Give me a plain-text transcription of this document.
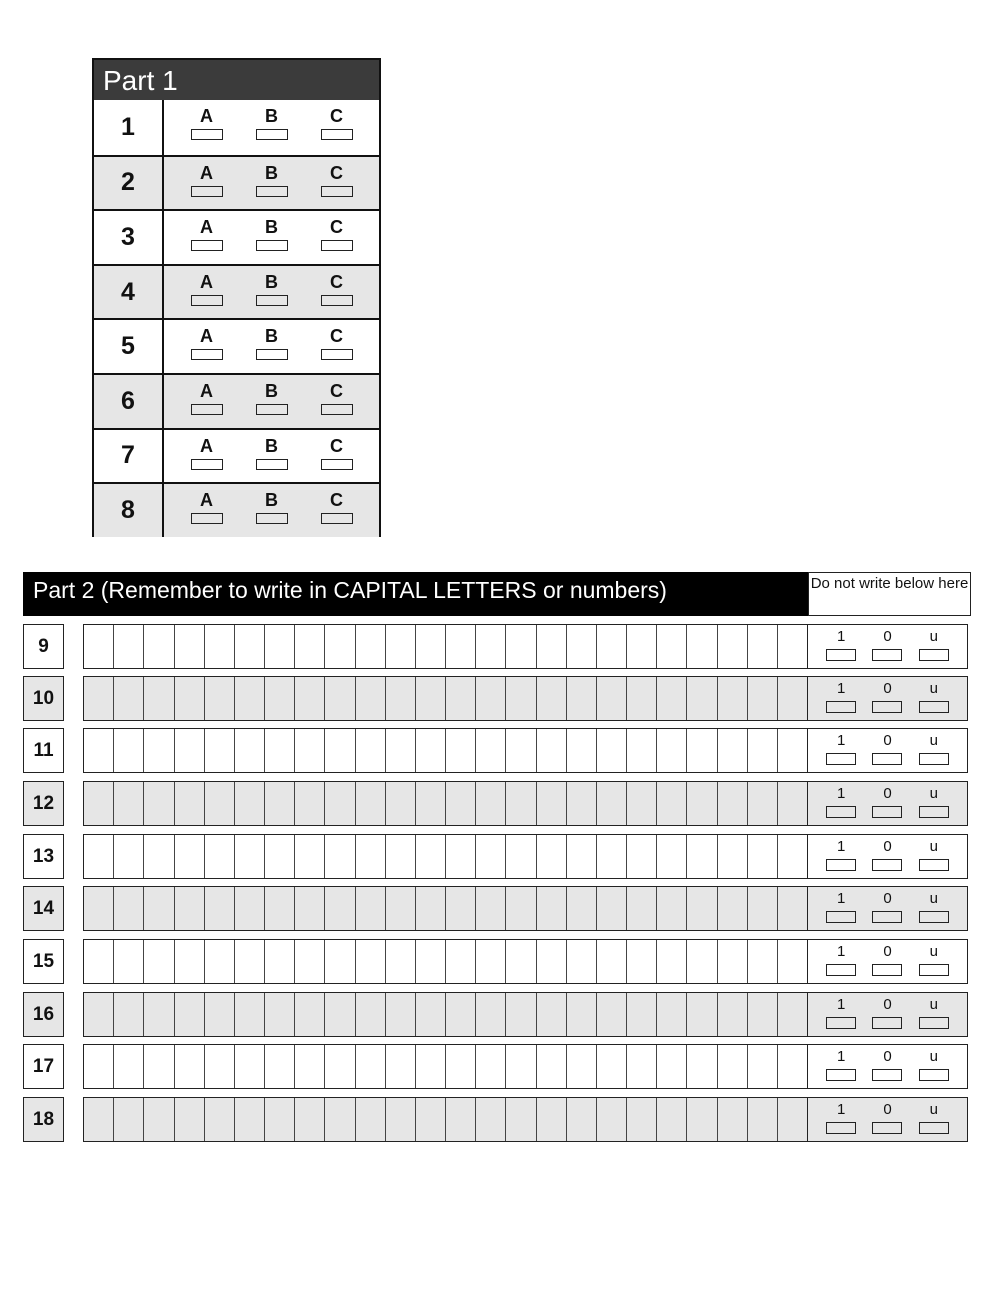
Part 1
1	A	B	C
2	A	B	C
3	A	B	C
4	A	B	C
5	A	B	C
6	A	B	C
7	A	B	C
8	A	B	C
Part 2 (Remember to write in CAPITAL LETTERS or numbers)	Do not write below here
9	1	0	u
10	1	0	u
11	1	0	u
12	1	0	u
13	1	0	u
14	1	0	u
15	1	0	u
16	1	0	u
17	1	0	u
18	1	0	u
